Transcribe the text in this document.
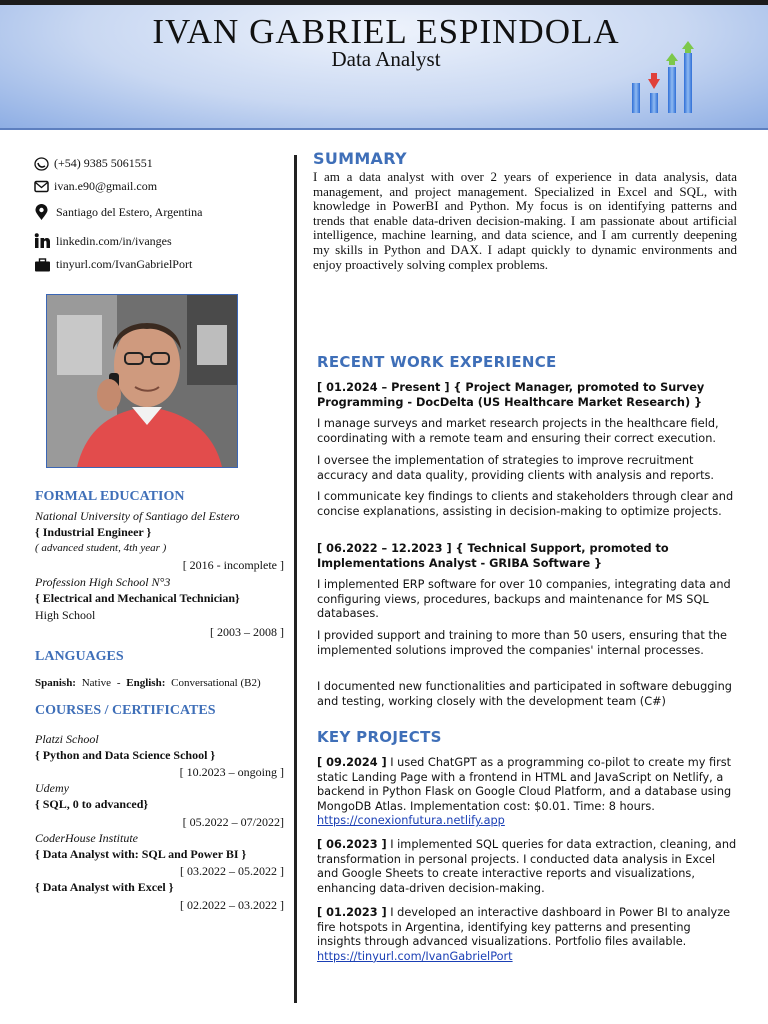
IVAN GABRIEL ESPINDOLA
Data Analyst
(+54) 9385 5061551
ivan.e90@gmail.com
Santiago del Estero, Argentina
linkedin.com/in/ivanges
tinyurl.com/IvanGabrielPort
FORMAL EDUCATION
National University of Santiago del Estero
{ Industrial Engineer }
( advanced student, 4th year )
[ 2016 - incomplete ]
Profession High School N°3
{ Electrical and Mechanical Technician}
High School
[ 2003 – 2008 ]
LANGUAGES
Spanish: Native - English: Conversational (B2)
COURSES / CERTIFICATES
Platzi School
{ Python and Data Science School }
[ 10.2023 – ongoing ]
Udemy
{ SQL, 0 to advanced}
[ 05.2022 – 07/2022]
CoderHouse Institute
{ Data Analyst with: SQL and Power BI }
[ 03.2022 – 05.2022 ]
{ Data Analyst with Excel }
[ 02.2022 – 03.2022 ]
SUMMARY
I am a data analyst with over 2 years of experience in data analysis, data management, and project management. Specialized in Excel and SQL, with knowledge in PowerBI and Python. My focus is on identifying patterns and trends that enable data-driven decision-making. I am passionate about artificial intelligence, machine learning, and data science, and I am currently deepening my skills in Python and DAX. I adapt quickly to dynamic environments and enjoy proactively solving complex problems.
RECENT WORK EXPERIENCE
[ 01.2024 – Present ] { Project Manager, promoted to Survey Programming - DocDelta (US Healthcare Market Research) }
I manage surveys and market research projects in the healthcare field, coordinating with a remote team and ensuring their correct execution.
I oversee the implementation of strategies to improve recruitment accuracy and data quality, providing clients with analysis and reports.
I communicate key findings to clients and stakeholders through clear and concise explanations, assisting in decision-making to optimize projects.
[ 06.2022 – 12.2023 ] { Technical Support, promoted to Implementations Analyst - GRIBA Software }
I implemented ERP software for over 10 companies, integrating data and configuring views, procedures, backups and maintenance for MS SQL databases.
I provided support and training to more than 50 users, ensuring that the implemented solutions improved the companies' internal processes.
I documented new functionalities and participated in software debugging and testing, working closely with the development team (C#)
KEY PROJECTS
[ 09.2024 ] I used ChatGPT as a programming co-pilot to create my first static Landing Page with a frontend in HTML and JavaScript on Netlify, a backend in Python Flask on Google Cloud Platform, and a database using MongoDB Atlas. Implementation cost: $0.01. Time: 8 hours. https://conexionfutura.netlify.app
[ 06.2023 ] I implemented SQL queries for data extraction, cleaning, and transformation in personal projects. I conducted data analysis in Excel and Google Sheets to create interactive reports and visualizations, enhancing data-driven decision-making.
[ 01.2023 ] I developed an interactive dashboard in Power BI to analyze fire hotspots in Argentina, identifying key patterns and presenting insights through advanced visualizations. Portfolio files available. https://tinyurl.com/IvanGabrielPort
